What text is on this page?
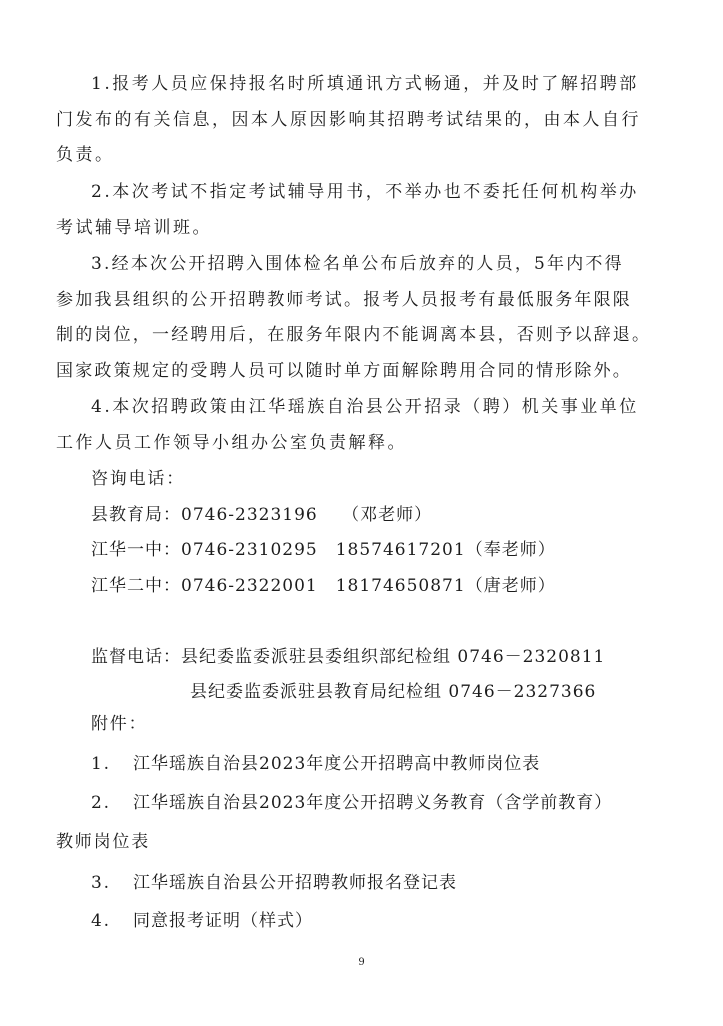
1.报考人员应保持报名时所填通讯方式畅通，并及时了解招聘部
门发布的有关信息，因本人原因影响其招聘考试结果的，由本人自行
负责。
2.本次考试不指定考试辅导用书，不举办也不委托任何机构举办
考试辅导培训班。
3.经本次公开招聘入围体检名单公布后放弃的人员，5年内不得
参加我县组织的公开招聘教师考试。报考人员报考有最低服务年限限
制的岗位，一经聘用后，在服务年限内不能调离本县，否则予以辞退。
国家政策规定的受聘人员可以随时单方面解除聘用合同的情形除外。
4.本次招聘政策由江华瑶族自治县公开招录（聘）机关事业单位
工作人员工作领导小组办公室负责解释。
咨询电话：
县教育局：0746-2323196　 （邓老师）
江华一中：0746-2310295　18574617201（奉老师）
江华二中：0746-2322001　18174650871（唐老师）
监督电话：县纪委监委派驻县委组织部纪检组 0746－2320811
县纪委监委派驻县教育局纪检组 0746－2327366
附件：
1. 江华瑶族自治县2023年度公开招聘高中教师岗位表
2. 江华瑶族自治县2023年度公开招聘义务教育（含学前教育）
教师岗位表
3. 江华瑶族自治县公开招聘教师报名登记表
4. 同意报考证明（样式）
9
